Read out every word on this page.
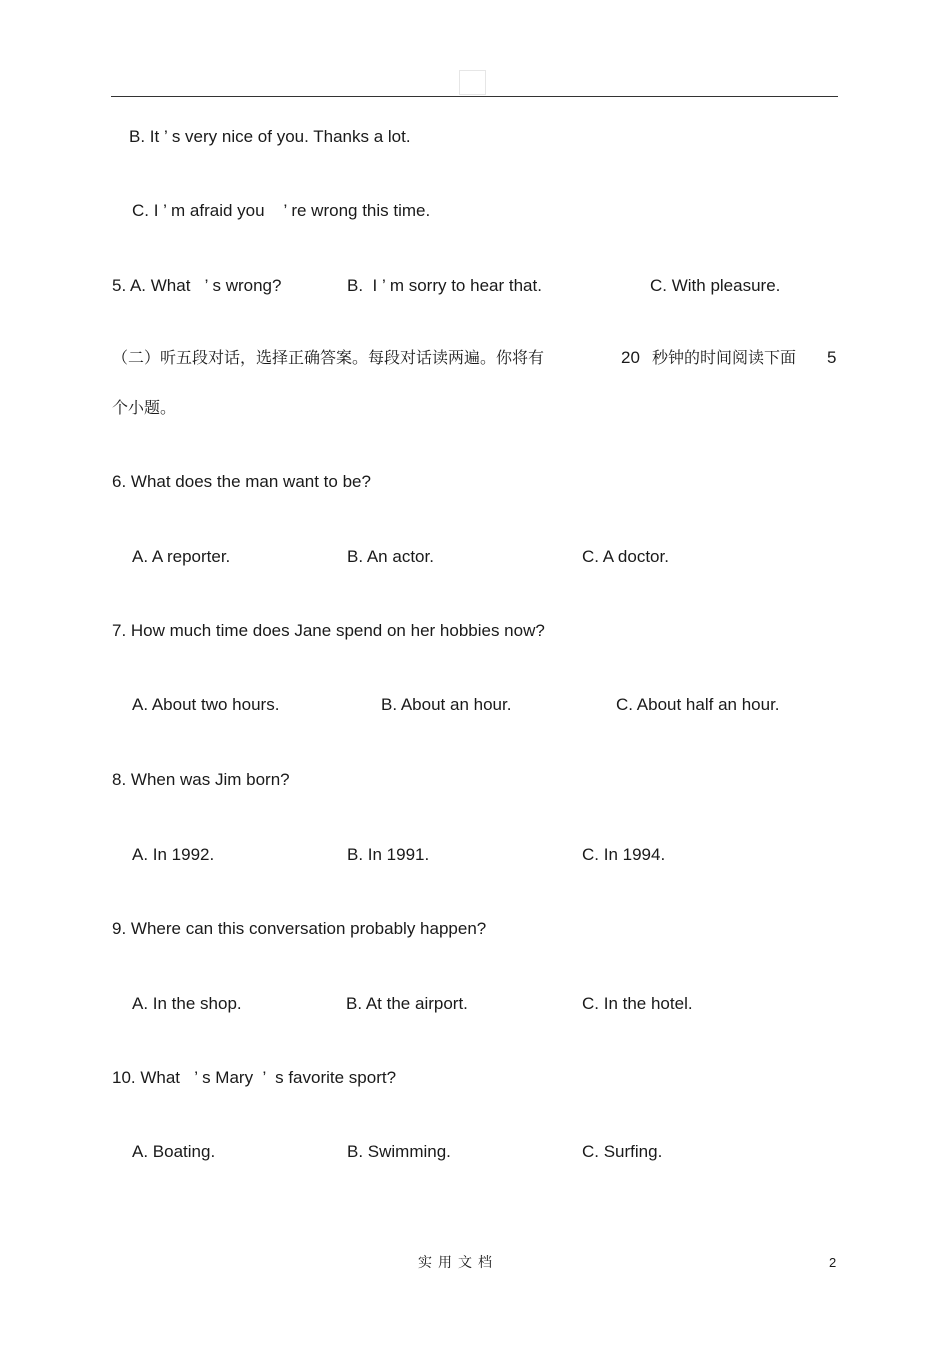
B. It ’ s very nice of you. Thanks a lot.
C. I ’ m afraid you    ’ re wrong this time.
5. A. What   ’ s wrong?	B.  I ’ m sorry to hear that.	C. With pleasure.
（二）听五段对话，选择正确答案。每段对话读两遍。你将有	20 秒钟的时间阅读下面 5
个小题。
6. What does the man want to be?
A. A reporter.	B. An actor.	C. A doctor.
7. How much time does Jane spend on her hobbies now?
A. About two hours.	B. About an hour.	C. About half an hour.
8. When was Jim born?
A. In 1992.	B. In 1991.	C. In 1994.
9. Where can this conversation probably happen?
A. In the shop.	B. At the airport.	C. In the hotel.
10. What   ’ s Mary  ’  s favorite sport?
A. Boating.	B. Swimming.	C. Surfing.
实用文档	2
